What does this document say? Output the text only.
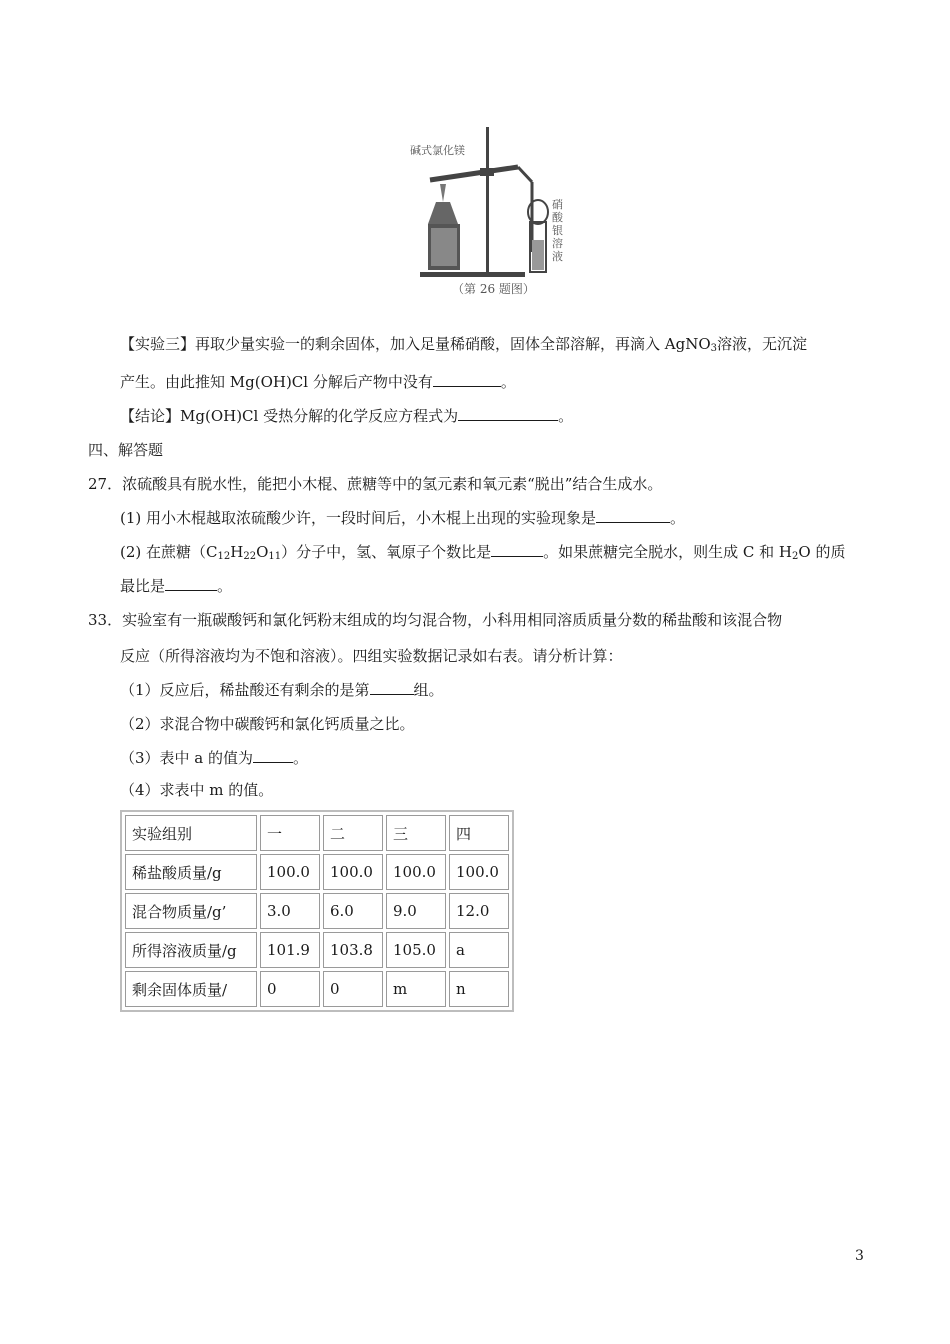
碱式氯化镁
硝
酸
银
溶
液
（第 26 题图）
【实验三】再取少量实验一的剩余固体，加入足量稀硝酸，固体全部溶解，再滴入 AgNO$_3$溶液，无沉淀
产生。由此推知 Mg(OH)Cl 分解后产物中没有	。
【结论】Mg(OH)Cl 受热分解的化学反应方程式为	。
四、解答题
27．浓硫酸具有脱水性，能把小木棍、蔗糖等中的氢元素和氧元素“脱出”结合生成水。
(1) 用小木棍越取浓硫酸少许，一段时间后，小木棍上出现的实验现象是	。
(2) 在蔗糖$(C_{12}H_{22}O_{11})$分子中，氢、氧原子个数比是	。如果蔗糖完全脱水，则生成 C 和 $H_2O$ 的质
最比是	。
33．实验室有一瓶碳酸钙和氯化钙粉末组成的均匀混合物，小科用相同溶质质量分数的稀盐酸和该混合物
反应（所得溶液均为不饱和溶液）。四组实验数据记录如右表。请分析计算：
（1）反应后，稀盐酸还有剩余的是第	组。
（2）求混合物中碳酸钙和氯化钙质量之比。
（3）表中 a 的值为	。
（4）求表中 m 的值。
实验组别	一	二	三	四
稀盐酸质量/g	100.0	100.0	100.0	100.0
混合物质量/g’	3.0	6.0	9.0	12.0
所得溶液质量/g	101.9	103.8	105.0	a
剩余固体质量/	0	0	m	n
3
